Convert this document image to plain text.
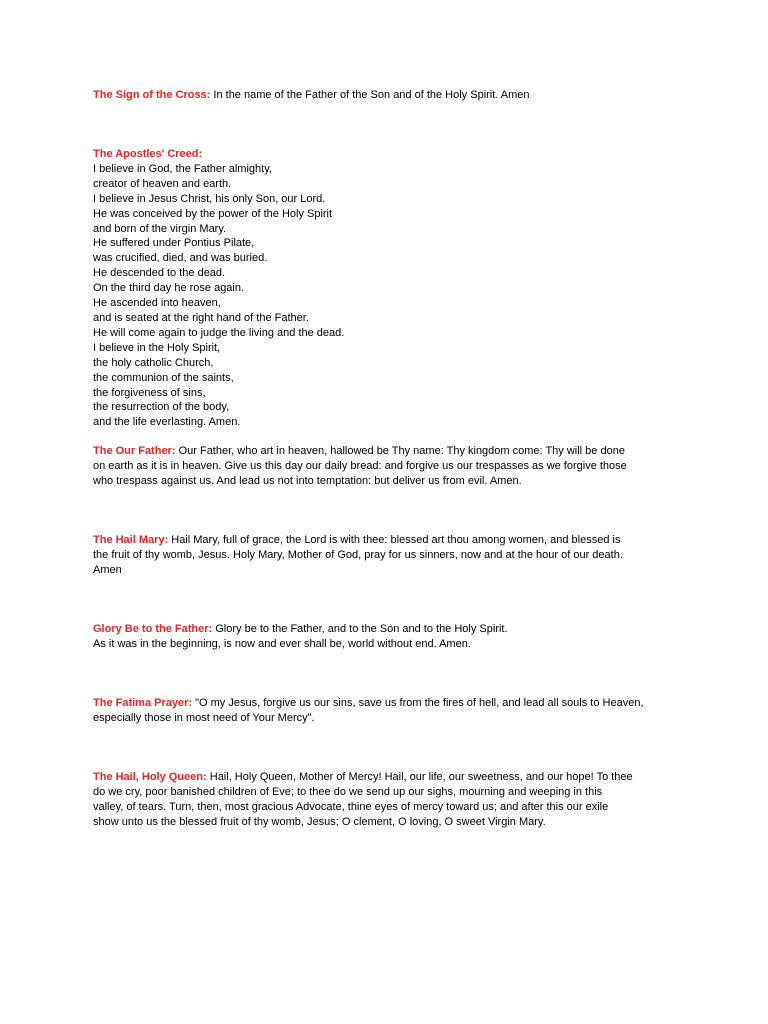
The Sign of the Cross: In the name of the Father of the Son and of the Holy Spirit. Amen
The Apostles' Creed:
I believe in God, the Father almighty,
creator of heaven and earth.
I believe in Jesus Christ, his only Son, our Lord.
He was conceived by the power of the Holy Spirit
and born of the virgin Mary.
He suffered under Pontius Pilate,
was crucified, died, and was buried.
He descended to the dead.
On the third day he rose again.
He ascended into heaven,
and is seated at the right hand of the Father.
He will come again to judge the living and the dead.
I believe in the Holy Spirit,
the holy catholic Church,
the communion of the saints,
the forgiveness of sins,
the resurrection of the body,
and the life everlasting. Amen.
The Our Father: Our Father, who art in heaven, hallowed be Thy name: Thy kingdom come: Thy will be done
on earth as it is in heaven. Give us this day our daily bread: and forgive us our trespasses as we forgive those
who trespass against us. And lead us not into temptation: but deliver us from evil. Amen.
The Hail Mary: Hail Mary, full of grace, the Lord is with thee: blessed art thou among women, and blessed is
the fruit of thy womb, Jesus. Holy Mary, Mother of God, pray for us sinners, now and at the hour of our death.
Amen
Glory Be to the Father: Glory be to the Father, and to the Son and to the Holy Spirit.
As it was in the beginning, is now and ever shall be, world without end. Amen.
The Fatima Prayer: "O my Jesus, forgive us our sins, save us from the fires of hell, and lead all souls to Heaven,
especially those in most need of Your Mercy".
The Hail, Holy Queen: Hail, Holy Queen, Mother of Mercy! Hail, our life, our sweetness, and our hope! To thee
do we cry, poor banished children of Eve; to thee do we send up our sighs, mourning and weeping in this
valley, of tears. Turn, then, most gracious Advocate, thine eyes of mercy toward us; and after this our exile
show unto us the blessed fruit of thy womb, Jesus; O clement, O loving, O sweet Virgin Mary.
